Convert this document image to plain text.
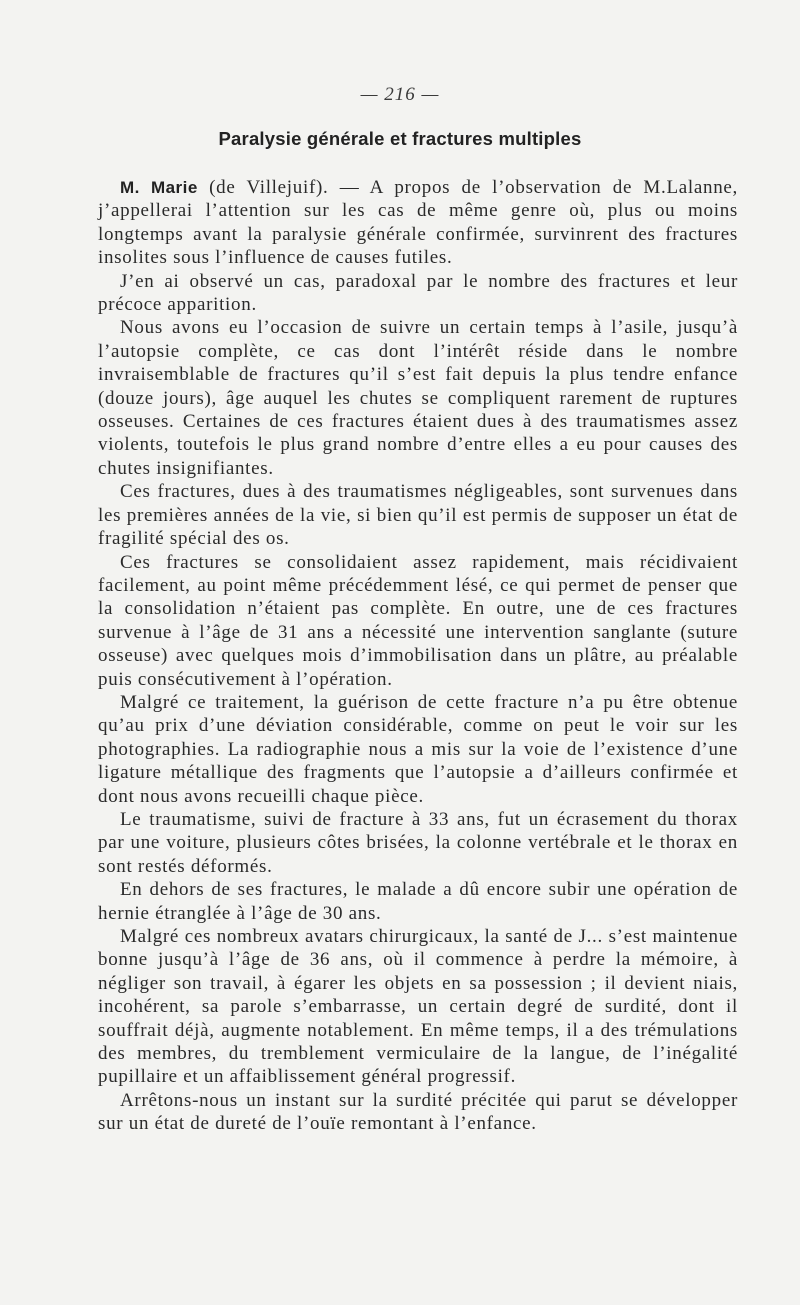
— 216 —
Paralysie générale et fractures multiples

M. Marie (de Villejuif). — A propos de l’observation de M.Lalanne, j’appellerai l’attention sur les cas de même genre où, plus ou moins longtemps avant la paralysie générale confirmée, survinrent des fractures insolites sous l’influence de causes futiles.

J’en ai observé un cas, paradoxal par le nombre des fractures et leur précoce apparition.

Nous avons eu l’occasion de suivre un certain temps à l’asile, jusqu’à l’autopsie complète, ce cas dont l’intérêt réside dans le nombre invraisemblable de fractures qu’il s’est fait depuis la plus tendre enfance (douze jours), âge auquel les chutes se compliquent rarement de ruptures osseuses. Certaines de ces fractures étaient dues à des traumatismes assez violents, toutefois le plus grand nombre d’entre elles a eu pour causes des chutes insignifiantes.

Ces fractures, dues à des traumatismes négligeables, sont survenues dans les premières années de la vie, si bien qu’il est permis de supposer un état de fragilité spécial des os.

Ces fractures se consolidaient assez rapidement, mais récidivaient facilement, au point même précédemment lésé, ce qui permet de penser que la consolidation n’étaient pas complète. En outre, une de ces fractures survenue à l’âge de 31 ans a nécessité une intervention sanglante (suture osseuse) avec quelques mois d’immobilisation dans un plâtre, au préalable puis consécutivement à l’opération.

Malgré ce traitement, la guérison de cette fracture n’a pu être obtenue qu’au prix d’une déviation considérable, comme on peut le voir sur les photographies. La radiographie nous a mis sur la voie de l’existence d’une ligature métallique des fragments que l’autopsie a d’ailleurs confirmée et dont nous avons recueilli chaque pièce.

Le traumatisme, suivi de fracture à 33 ans, fut un écrasement du thorax par une voiture, plusieurs côtes brisées, la colonne vertébrale et le thorax en sont restés déformés.

En dehors de ses fractures, le malade a dû encore subir une opération de hernie étranglée à l’âge de 30 ans.

Malgré ces nombreux avatars chirurgicaux, la santé de J... s’est maintenue bonne jusqu’à l’âge de 36 ans, où il commence à perdre la mémoire, à négliger son travail, à égarer les objets en sa possession ; il devient niais, incohérent, sa parole s’embarrasse, un certain degré de surdité, dont il souffrait déjà, augmente notablement. En même temps, il a des trémulations des membres, du tremblement vermiculaire de la langue, de l’inégalité pupillaire et un affaiblissement général progressif.

Arrêtons-nous un instant sur la surdité précitée qui parut se développer sur un état de dureté de l’ouïe remontant à l’enfance.
